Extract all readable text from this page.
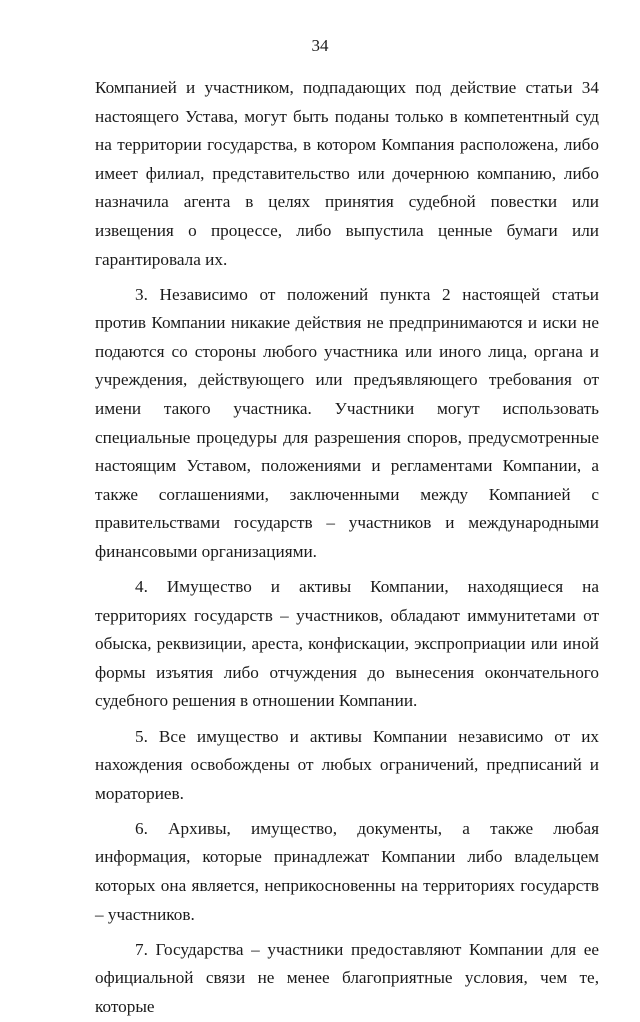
34

Компанией и участником, подпадающих под действие статьи 34 настоящего Устава, могут быть поданы только в компетентный суд на территории государства, в котором Компания расположена, либо имеет филиал, представительство или дочернюю компанию, либо назначила агента в целях принятия судебной повестки или извещения о процессе, либо выпустила ценные бумаги или гарантировала их.

3. Независимо от положений пункта 2 настоящей статьи против Компании никакие действия не предпринимаются и иски не подаются со стороны любого участника или иного лица, органа и учреждения, действующего или предъявляющего требования от имени такого участника. Участники могут использовать специальные процедуры для разрешения споров, предусмотренные настоящим Уставом, положениями и регламентами Компании, а также соглашениями, заключенными между Компанией с правительствами государств – участников и международными финансовыми организациями.

4. Имущество и активы Компании, находящиеся на территориях государств – участников, обладают иммунитетами от обыска, реквизиции, ареста, конфискации, экспроприации или иной формы изъятия либо отчуждения до вынесения окончательного судебного решения в отношении Компании.

5. Все имущество и активы Компании независимо от их нахождения освобождены от любых ограничений, предписаний и мораториев.

6. Архивы, имущество, документы, а также любая информация, которые принадлежат Компании либо владельцем которых она является, неприкосновенны на территориях государств – участников.

7. Государства – участники предоставляют Компании для ее официальной связи не менее благоприятные условия, чем те, которые
